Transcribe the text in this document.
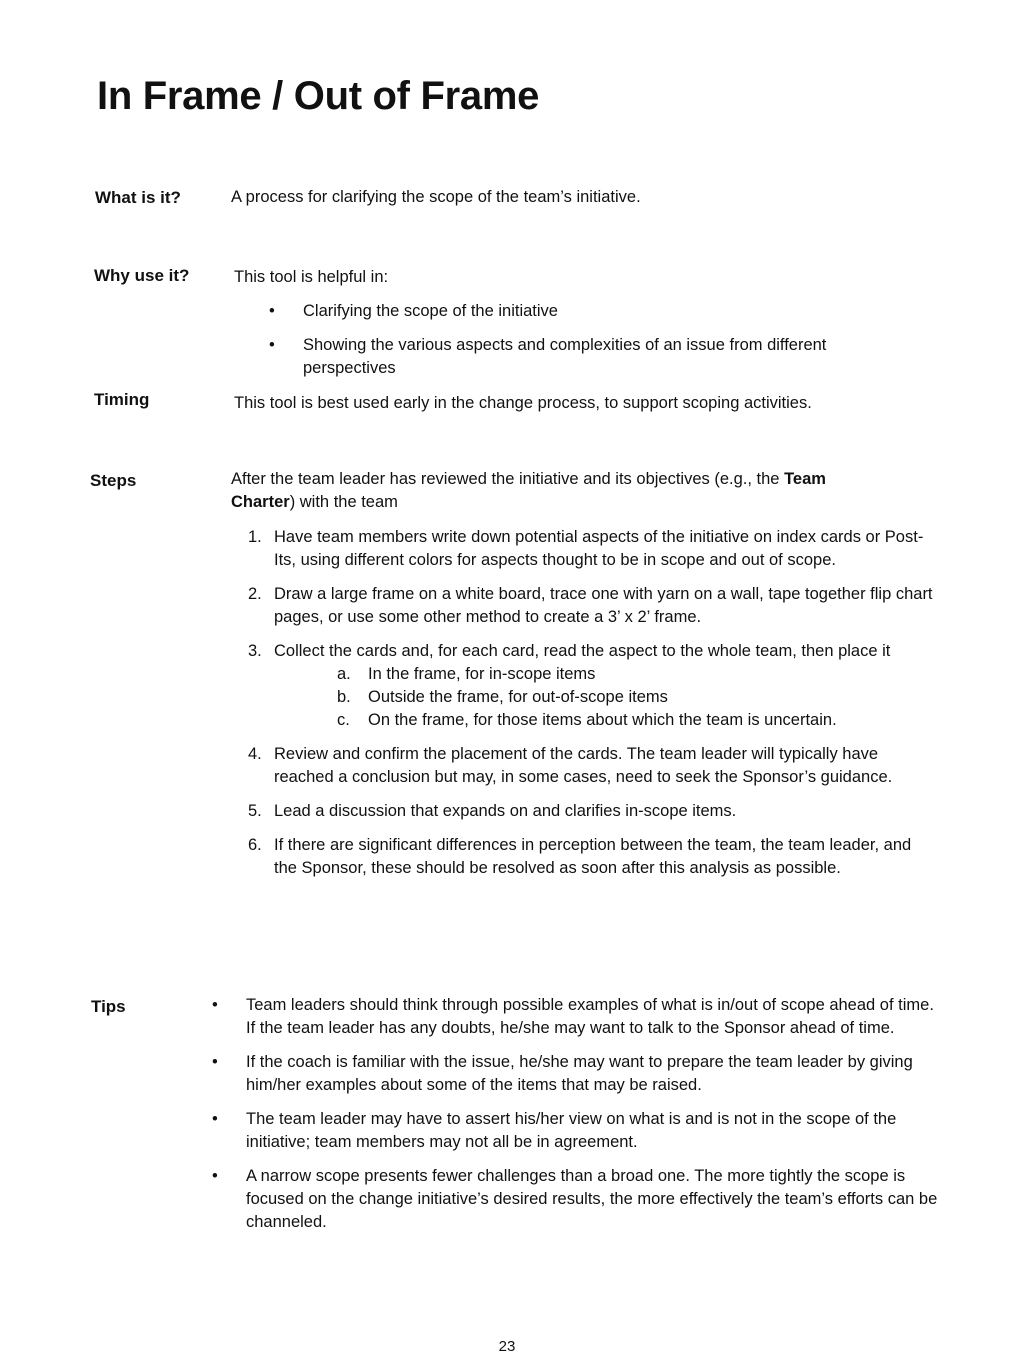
In Frame / Out of Frame
What is it?	A process for clarifying the scope of the team’s initiative.
Why use it?	This tool is helpful in:
• Clarifying the scope of the initiative
• Showing the various aspects and complexities of an issue from different perspectives
Timing	This tool is best used early in the change process, to support scoping activities.
Steps	After the team leader has reviewed the initiative and its objectives (e.g., the Team Charter) with the team
1. Have team members write down potential aspects of the initiative on index cards or Post-Its, using different colors for aspects thought to be in scope and out of scope.
2. Draw a large frame on a white board, trace one with yarn on a wall, tape together flip chart pages, or use some other method to create a 3’ x 2’ frame.
3. Collect the cards and, for each card, read the aspect to the whole team, then place it
a. In the frame, for in-scope items
b. Outside the frame, for out-of-scope items
c. On the frame, for those items about which the team is uncertain.
4. Review and confirm the placement of the cards. The team leader will typically have reached a conclusion but may, in some cases, need to seek the Sponsor’s guidance.
5. Lead a discussion that expands on and clarifies in-scope items.
6. If there are significant differences in perception between the team, the team leader, and the Sponsor, these should be resolved as soon after this analysis as possible.
Tips	• Team leaders should think through possible examples of what is in/out of scope ahead of time. If the team leader has any doubts, he/she may want to talk to the Sponsor ahead of time.
• If the coach is familiar with the issue, he/she may want to prepare the team leader by giving him/her examples about some of the items that may be raised.
• The team leader may have to assert his/her view on what is and is not in the scope of the initiative; team members may not all be in agreement.
• A narrow scope presents fewer challenges than a broad one. The more tightly the scope is focused on the change initiative’s desired results, the more effectively the team’s efforts can be channeled.
23
